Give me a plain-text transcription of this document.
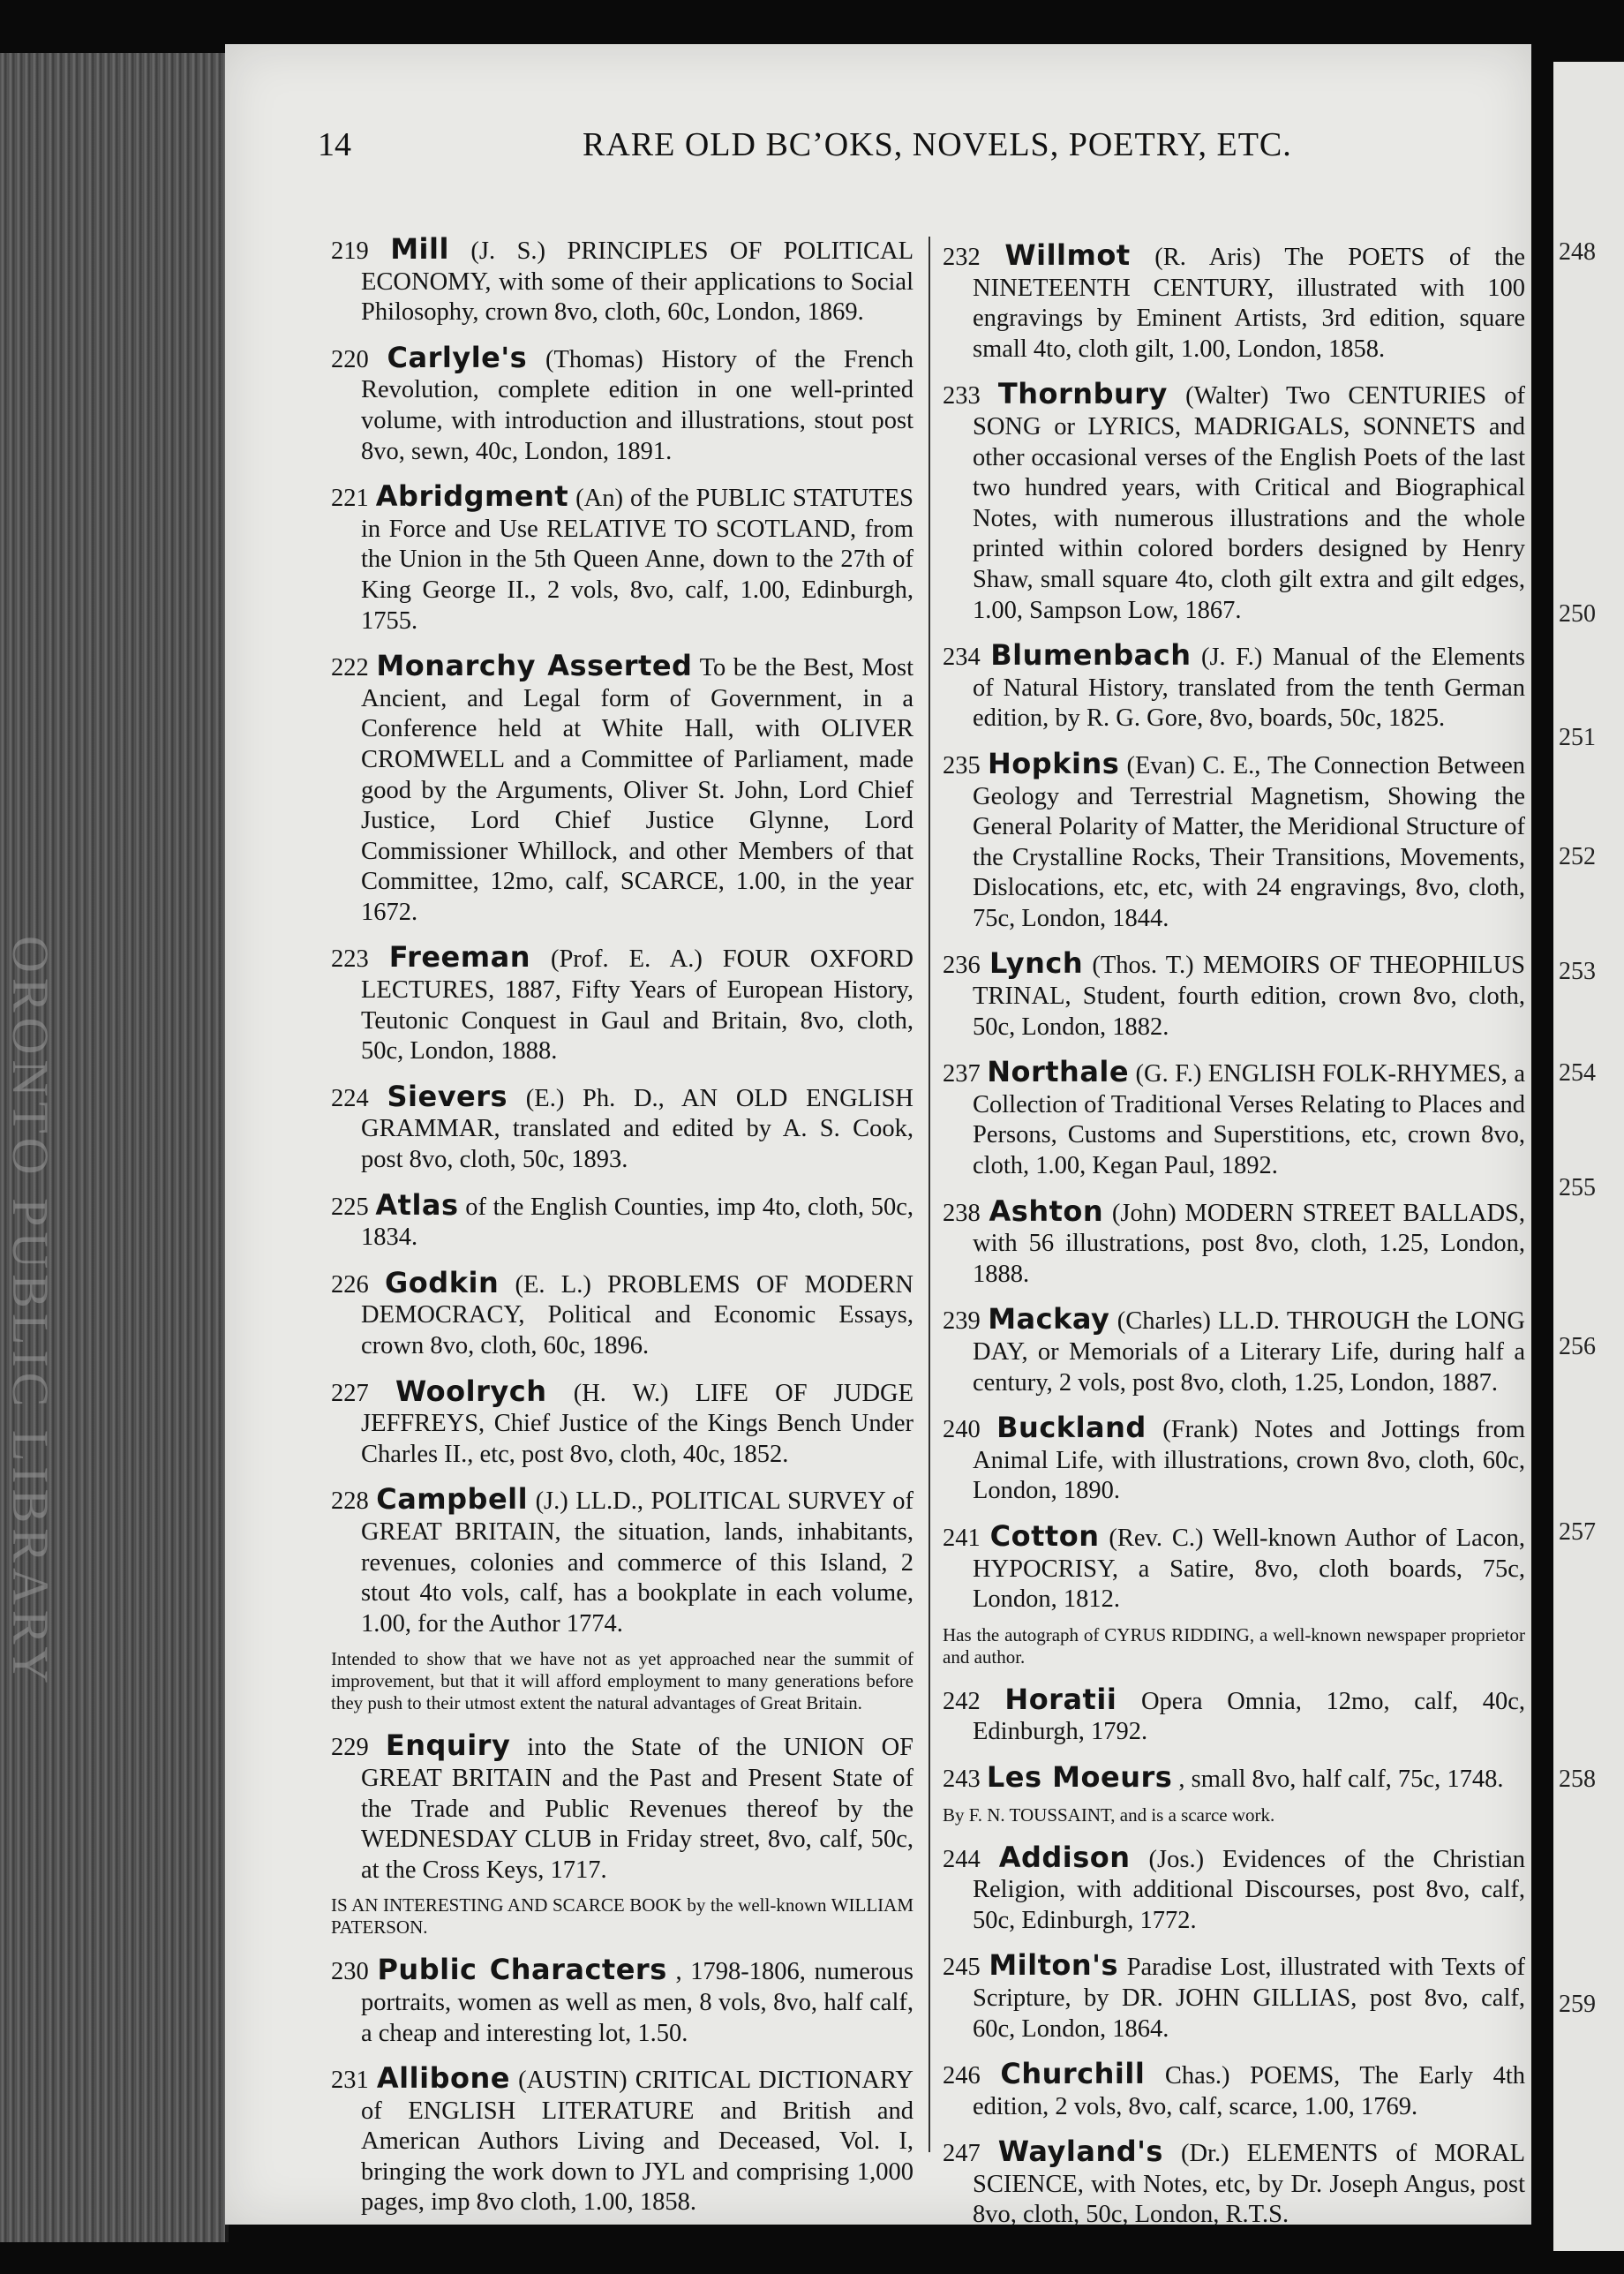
ORONTO PUBLIC LIBRARY
248
250
251
252
253
254
255
256
257
258
259
14	RARE OLD BCʼOKS, NOVELS, POETRY, ETC.
219 Mill (J. S.) PRINCIPLES OF POLITICAL ECONOMY, with some of their applications to Social Philosophy, crown 8vo, cloth, 60c, London, 1869.
220 Carlyle's (Thomas) History of the French Revolution, complete edition in one well-printed volume, with introduction and illustrations, stout post 8vo, sewn, 40c, London, 1891.
221 Abridgment (An) of the PUBLIC STATUTES in Force and Use RELATIVE TO SCOTLAND, from the Union in the 5th Queen Anne, down to the 27th of King George II., 2 vols, 8vo, calf, 1.00, Edinburgh, 1755.
222 Monarchy Asserted To be the Best, Most Ancient, and Legal form of Government, in a Conference held at White Hall, with OLIVER CROMWELL and a Committee of Parliament, made good by the Arguments, Oliver St. John, Lord Chief Justice, Lord Chief Justice Glynne, Lord Commissioner Whillock, and other Members of that Committee, 12mo, calf, SCARCE, 1.00, in the year 1672.
223 Freeman (Prof. E. A.) FOUR OXFORD LECTURES, 1887, Fifty Years of European History, Teutonic Conquest in Gaul and Britain, 8vo, cloth, 50c, London, 1888.
224 Sievers (E.) Ph. D., AN OLD ENGLISH GRAMMAR, translated and edited by A. S. Cook, post 8vo, cloth, 50c, 1893.
225 Atlas of the English Counties, imp 4to, cloth, 50c, 1834.
226 Godkin (E. L.) PROBLEMS OF MODERN DEMOCRACY, Political and Economic Essays, crown 8vo, cloth, 60c, 1896.
227 Woolrych (H. W.) LIFE OF JUDGE JEFFREYS, Chief Justice of the Kings Bench Under Charles II., etc, post 8vo, cloth, 40c, 1852.
228 Campbell (J.) LL.D., POLITICAL SURVEY of GREAT BRITAIN, the situation, lands, inhabitants, revenues, colonies and commerce of this Island, 2 stout 4to vols, calf, has a bookplate in each volume, 1.00, for the Author 1774.
Intended to show that we have not as yet approached near the summit of improvement, but that it will afford employment to many generations before they push to their utmost extent the natural advantages of Great Britain.
229 Enquiry into the State of the UNION OF GREAT BRITAIN and the Past and Present State of the Trade and Public Revenues thereof by the WEDNESDAY CLUB in Friday street, 8vo, calf, 50c, at the Cross Keys, 1717.
IS AN INTERESTING AND SCARCE BOOK by the well-known WILLIAM PATERSON.
230 Public Characters , 1798-1806, numerous portraits, women as well as men, 8 vols, 8vo, half calf, a cheap and interesting lot, 1.50.
231 Allibone (AUSTIN) CRITICAL DICTIONARY of ENGLISH LITERATURE and British and American Authors Living and Deceased, Vol. I, bringing the work down to JYL and comprising 1,000 pages, imp 8vo cloth, 1.00, 1858.
232 Willmot (R. Aris) The POETS of the NINETEENTH CENTURY, illustrated with 100 engravings by Eminent Artists, 3rd edition, square small 4to, cloth gilt, 1.00, London, 1858.
233 Thornbury (Walter) Two CENTURIES of SONG or LYRICS, MADRIGALS, SONNETS and other occasional verses of the English Poets of the last two hundred years, with Critical and Biographical Notes, with numerous illustrations and the whole printed within colored borders designed by Henry Shaw, small square 4to, cloth gilt extra and gilt edges, 1.00, Sampson Low, 1867.
234 Blumenbach (J. F.) Manual of the Elements of Natural History, translated from the tenth German edition, by R. G. Gore, 8vo, boards, 50c, 1825.
235 Hopkins (Evan) C. E., The Connection Between Geology and Terrestrial Magnetism, Showing the General Polarity of Matter, the Meridional Structure of the Crystalline Rocks, Their Transitions, Movements, Dislocations, etc, etc, with 24 engravings, 8vo, cloth, 75c, London, 1844.
236 Lynch (Thos. T.) MEMOIRS OF THEOPHILUS TRINAL, Student, fourth edition, crown 8vo, cloth, 50c, London, 1882.
237 Northale (G. F.) ENGLISH FOLK-RHYMES, a Collection of Traditional Verses Relating to Places and Persons, Customs and Superstitions, etc, crown 8vo, cloth, 1.00, Kegan Paul, 1892.
238 Ashton (John) MODERN STREET BALLADS, with 56 illustrations, post 8vo, cloth, 1.25, London, 1888.
239 Mackay (Charles) LL.D. THROUGH the LONG DAY, or Memorials of a Literary Life, during half a century, 2 vols, post 8vo, cloth, 1.25, London, 1887.
240 Buckland (Frank) Notes and Jottings from Animal Life, with illustrations, crown 8vo, cloth, 60c, London, 1890.
241 Cotton (Rev. C.) Well-known Author of Lacon, HYPOCRISY, a Satire, 8vo, cloth boards, 75c, London, 1812.
Has the autograph of CYRUS RIDDING, a well-known newspaper proprietor and author.
242 Horatii Opera Omnia, 12mo, calf, 40c, Edinburgh, 1792.
243 Les Moeurs , small 8vo, half calf, 75c, 1748.
By F. N. TOUSSAINT, and is a scarce work.
244 Addison (Jos.) Evidences of the Christian Religion, with additional Discourses, post 8vo, calf, 50c, Edinburgh, 1772.
245 Milton's Paradise Lost, illustrated with Texts of Scripture, by DR. JOHN GILLIAS, post 8vo, calf, 60c, London, 1864.
246 Churchill Chas.) POEMS, The Early 4th edition, 2 vols, 8vo, calf, scarce, 1.00, 1769.
247 Wayland's (Dr.) ELEMENTS of MORAL SCIENCE, with Notes, etc, by Dr. Joseph Angus, post 8vo, cloth, 50c, London, R.T.S.
